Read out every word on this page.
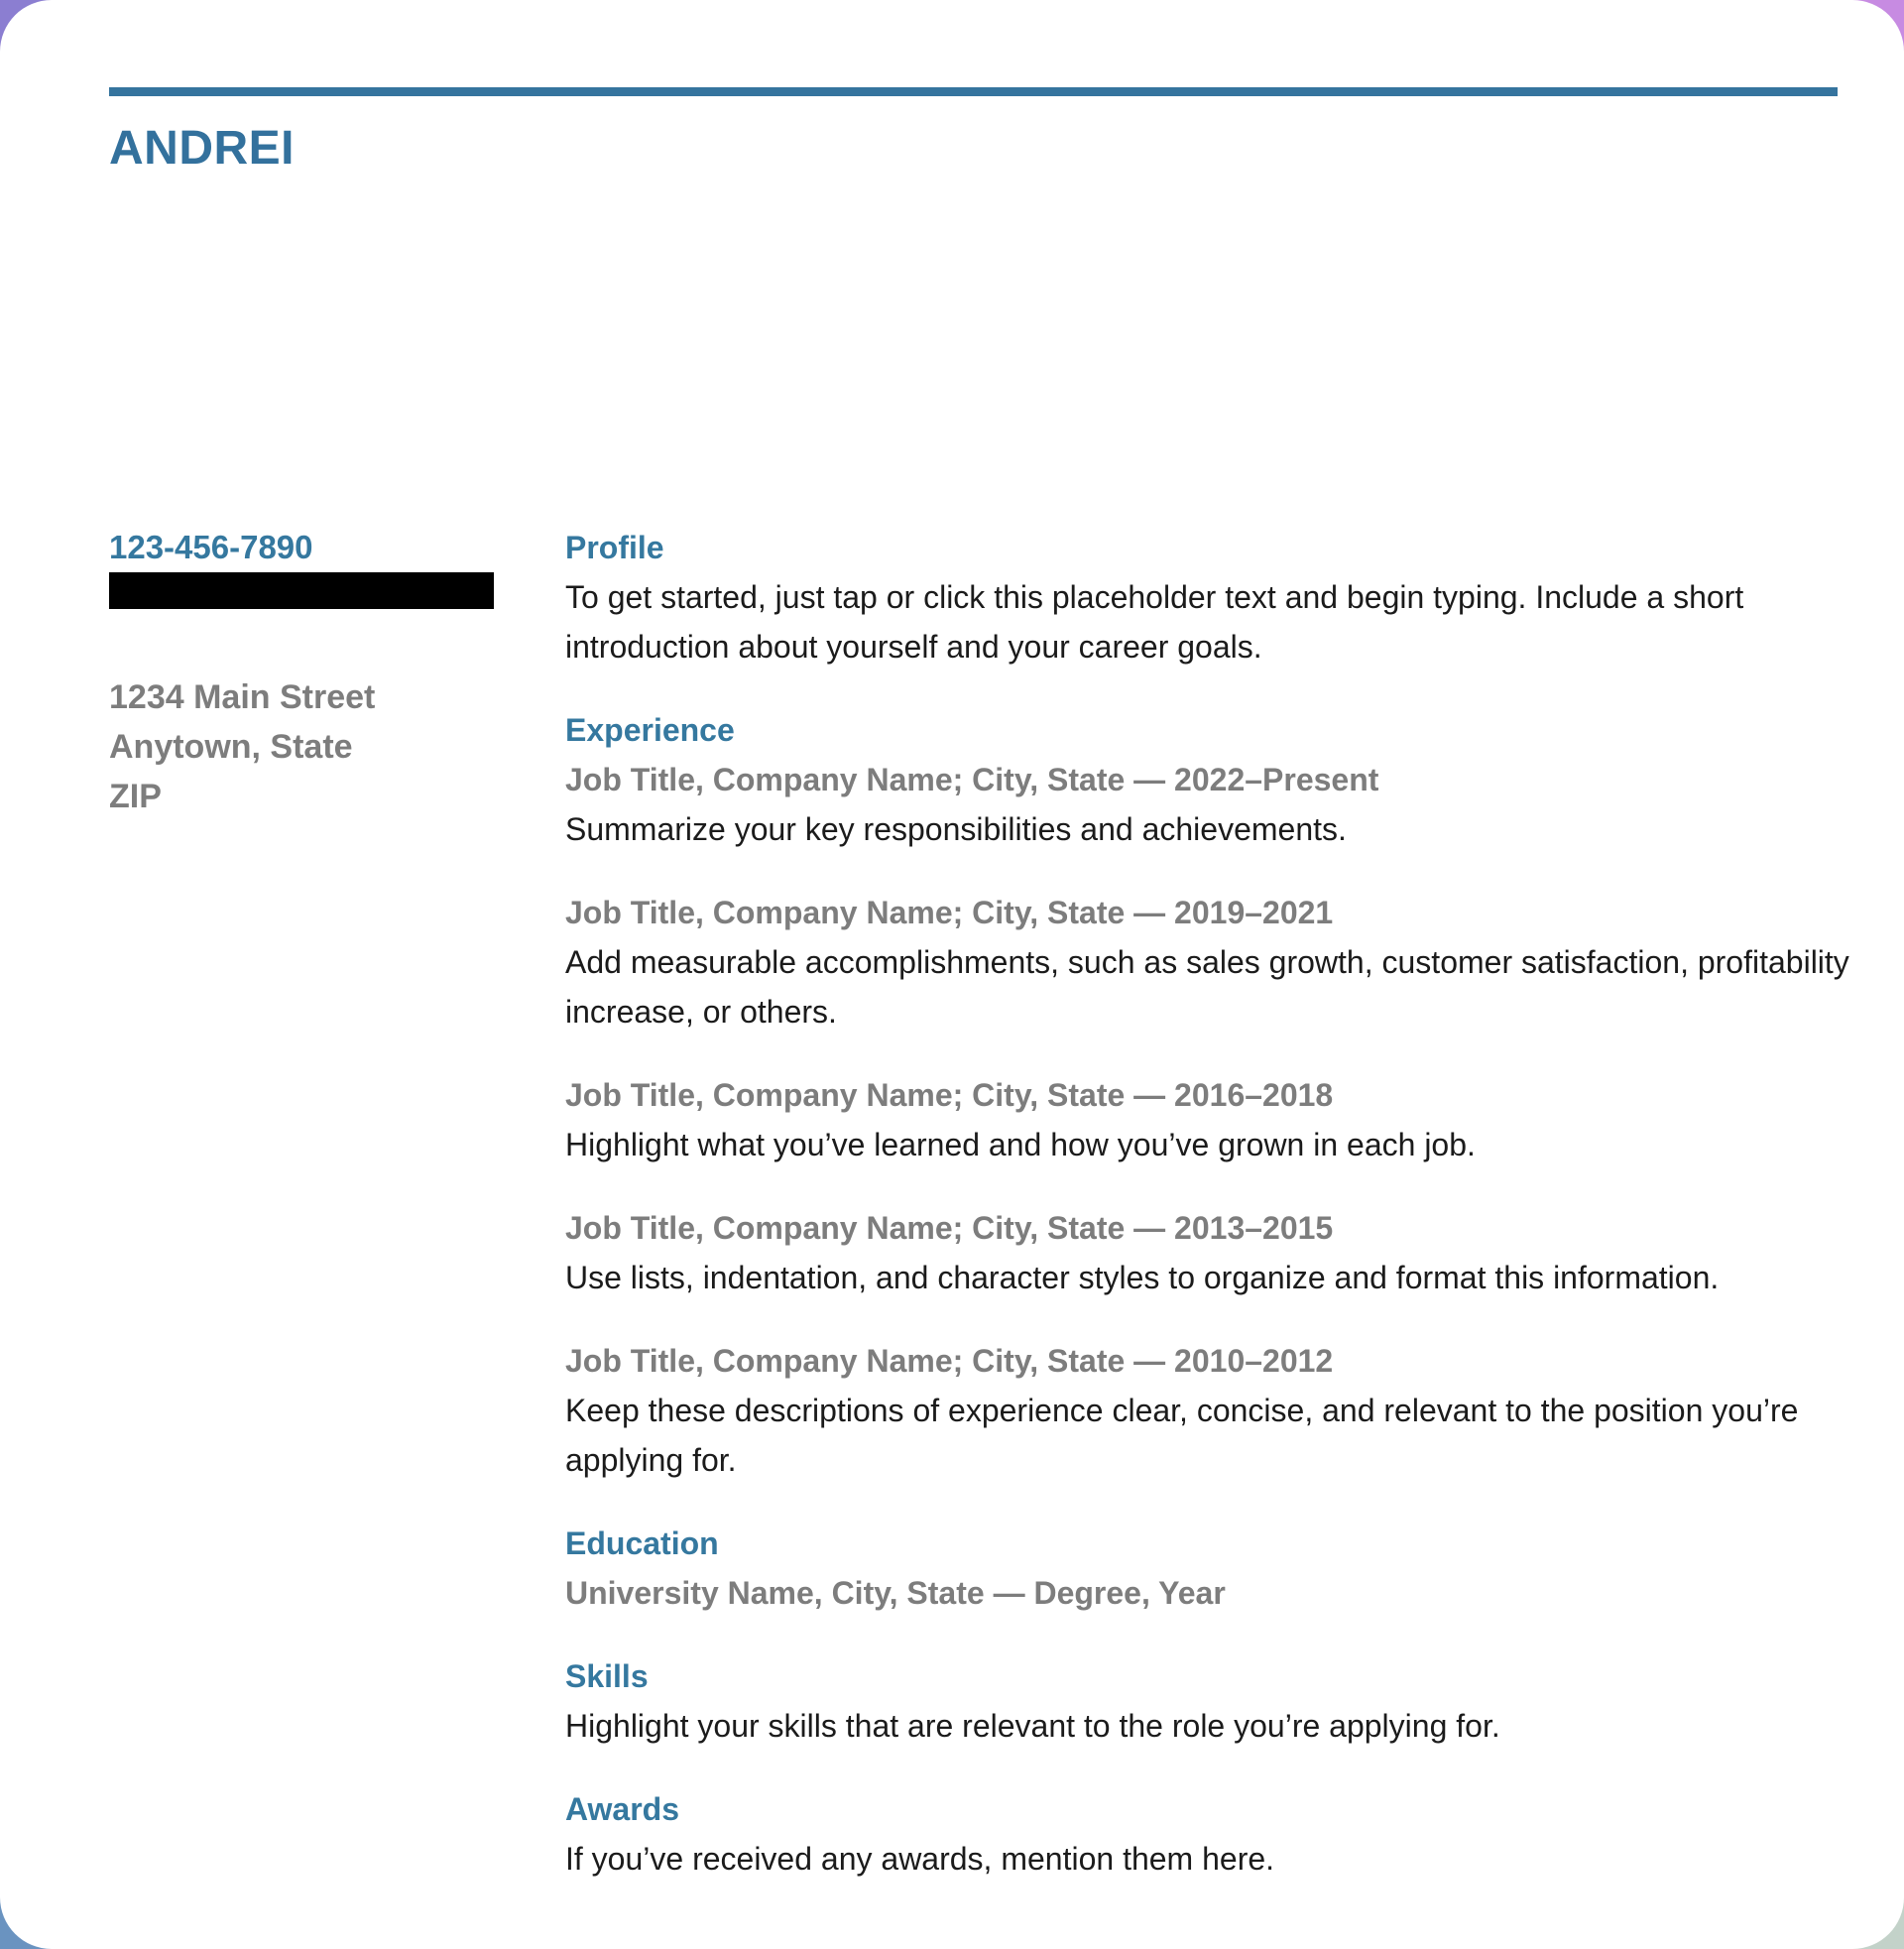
ANDREI
123-456-7890
1234 Main Street
Anytown, State
ZIP
Profile

To get started, just tap or click this placeholder text and begin typing. Include a short introduction about yourself and your career goals.

Experience
Job Title, Company Name; City, State — 2022–Present

Summarize your key responsibilities and achievements.

Job Title, Company Name; City, State — 2019–2021

Add measurable accomplishments, such as sales growth, customer satisfaction, profitability increase, or others.

Job Title, Company Name; City, State — 2016–2018

Highlight what you’ve learned and how you’ve grown in each job.

Job Title, Company Name; City, State — 2013–2015

Use lists, indentation, and character styles to organize and format this information.

Job Title, Company Name; City, State — 2010–2012

Keep these descriptions of experience clear, concise, and relevant to the position you’re applying for.

Education
University Name, City, State — Degree, Year
Skills

Highlight your skills that are relevant to the role you’re applying for.

Awards

If you’ve received any awards, mention them here.
